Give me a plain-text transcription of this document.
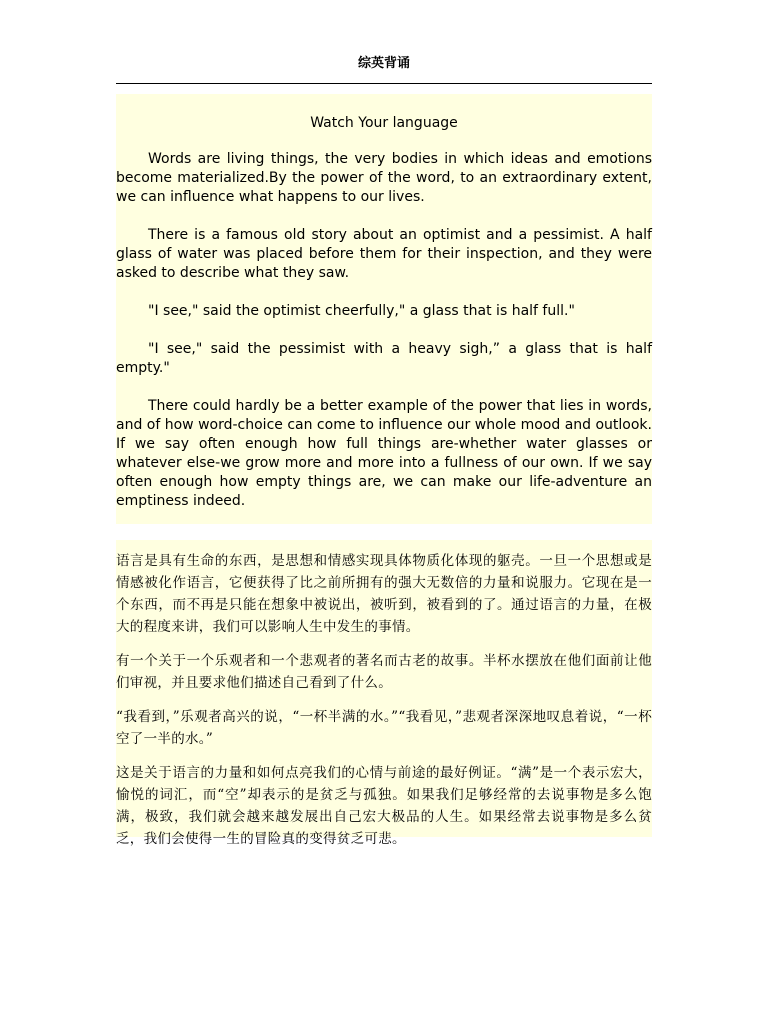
综英背诵
Watch Your language

Words are living things, the very bodies in which ideas and emotions become materialized.By the power of the word, to an extraordinary extent, we can influence what happens to our lives.

There is a famous old story about an optimist and a pessimist. A half glass of water was placed before them for their inspection, and they were asked to describe what they saw.

"I see," said the optimist cheerfully," a glass that is half full."

"I see," said the pessimist with a heavy sigh,” a glass that is half empty."

There could hardly be a better example of the power that lies in words, and of how word-choice can come to influence our whole mood and outlook. If we say often enough how full things are-whether water glasses or whatever else-we grow more and more into a fullness of our own. If we say often enough how empty things are, we can make our life-adventure an emptiness indeed.

语言是具有生命的东西，是思想和情感实现具体物质化体现的躯壳。一旦一个思想或是情感被化作语言，它便获得了比之前所拥有的强大无数倍的力量和说服力。它现在是一个东西，而不再是只能在想象中被说出，被听到，被看到的了。通过语言的力量，在极大的程度来讲，我们可以影响人生中发生的事情。

有一个关于一个乐观者和一个悲观者的著名而古老的故事。半杯水摆放在他们面前让他们审视，并且要求他们描述自己看到了什么。

“我看到，”乐观者高兴的说，“一杯半满的水。”“我看见，”悲观者深深地叹息着说，“一杯空了一半的水。”

这是关于语言的力量和如何点亮我们的心情与前途的最好例证。“满”是一个表示宏大，愉悦的词汇，而“空”却表示的是贫乏与孤独。如果我们足够经常的去说事物是多么饱满，极致，我们就会越来越发展出自己宏大极品的人生。如果经常去说事物是多么贫乏，我们会使得一生的冒险真的变得贫乏可悲。
